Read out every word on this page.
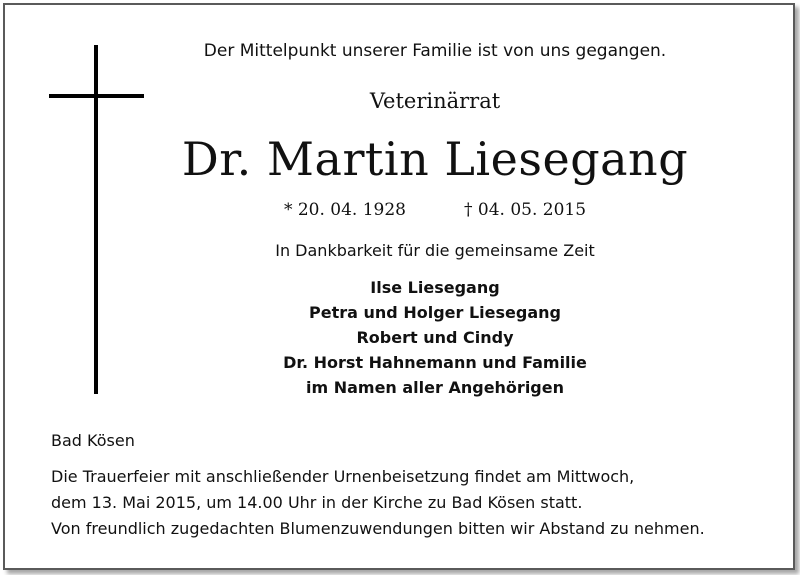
Der Mittelpunkt unserer Familie ist von uns gegangen.
Veterinärrat
Dr. Martin Liesegang
* 20. 04. 1928	† 04. 05. 2015
In Dankbarkeit für die gemeinsame Zeit
Ilse Liesegang
Petra und Holger Liesegang
Robert und Cindy
Dr. Horst Hahnemann und Familie
im Namen aller Angehörigen
Bad Kösen
Die Trauerfeier mit anschließender Urnenbeisetzung findet am Mittwoch,
dem 13. Mai 2015, um 14.00 Uhr in der Kirche zu Bad Kösen statt.
Von freundlich zugedachten Blumenzuwendungen bitten wir Abstand zu nehmen.
